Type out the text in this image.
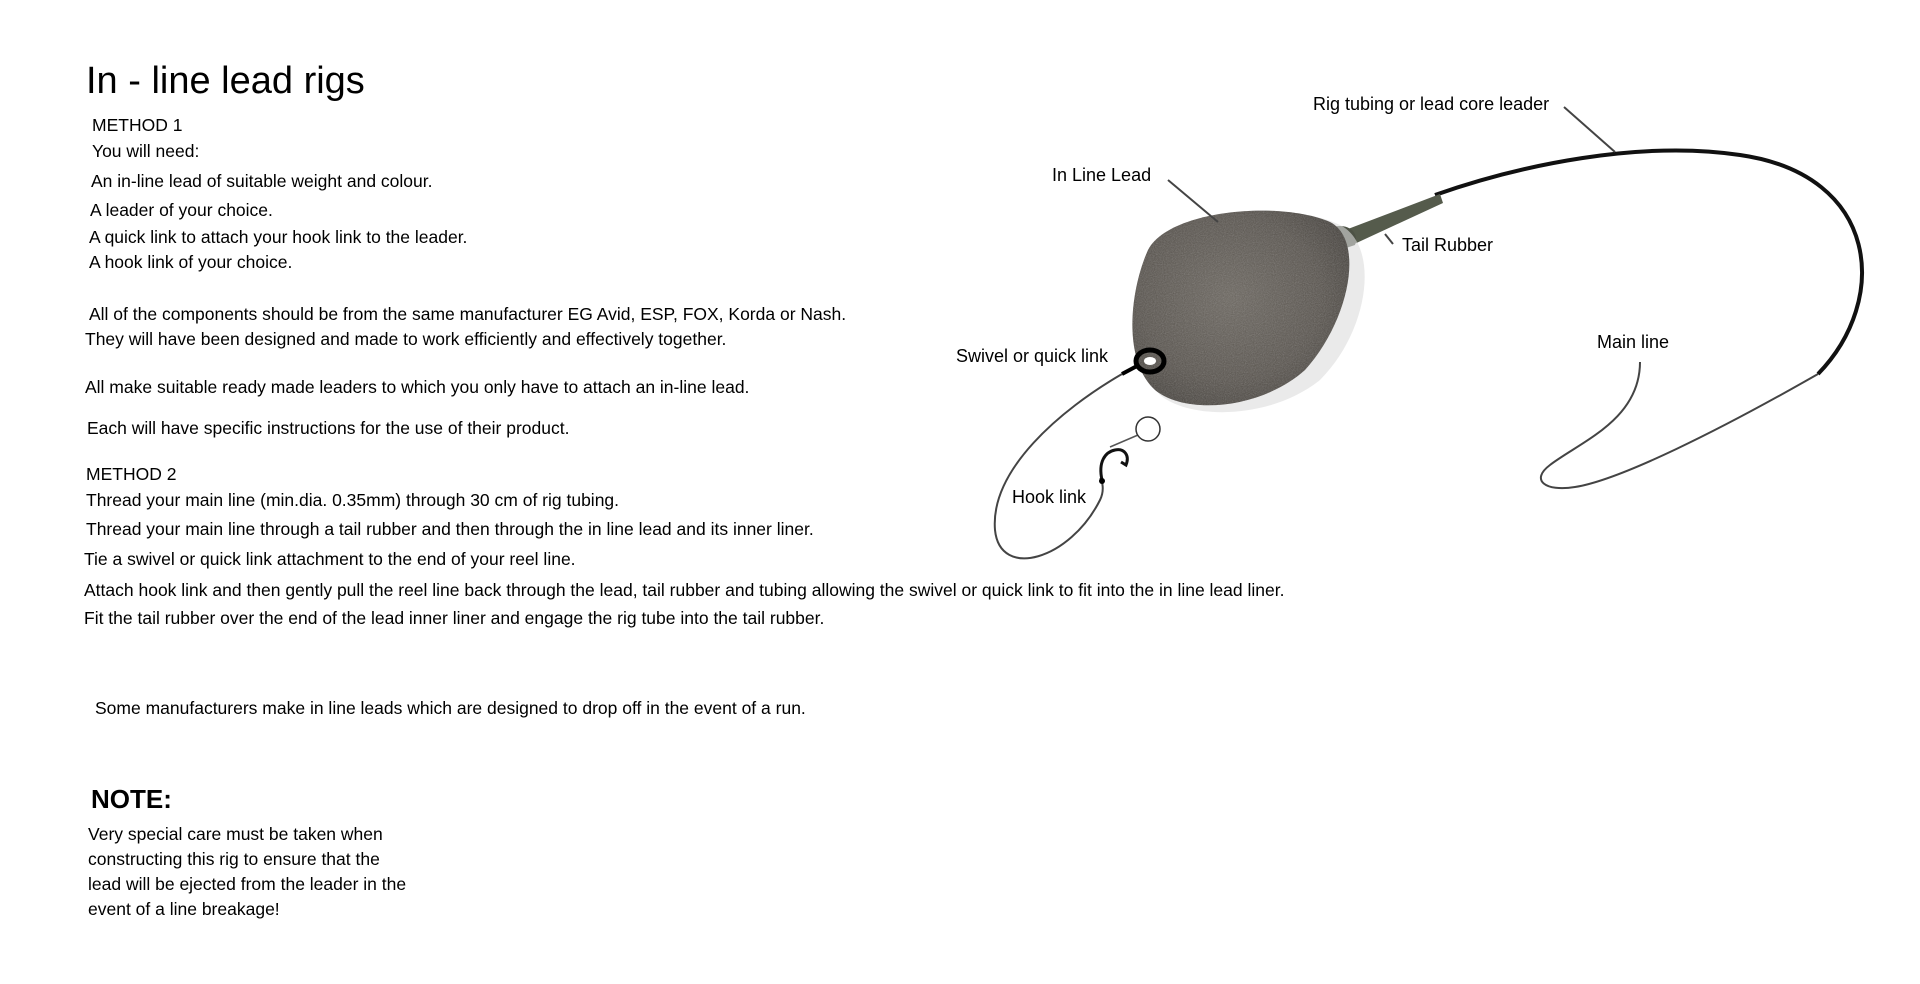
In - line lead rigs
METHOD 1
You will need:
An in-line lead of suitable weight and colour.
A leader of your choice.
A quick link to attach your hook link to the leader.
A hook link of your choice.
All of the components should be from the same manufacturer EG Avid, ESP, FOX, Korda or Nash.
They will have been designed and made to work efficiently and effectively together.
All make suitable ready made leaders to which you only have to attach an in-line lead.
Each will have specific instructions for the use of their product.
METHOD 2
Thread your main line (min.dia. 0.35mm) through 30 cm of rig tubing.
Thread your main line through a tail rubber and then through the in line lead and its inner liner.
Tie a swivel or quick link attachment to the end of your reel line.
Attach hook link and then gently pull the reel line back through the lead, tail rubber and tubing allowing the swivel or quick link to fit into the in line lead liner.
Fit the tail rubber over the end of the lead inner liner and engage the rig tube into the tail rubber.
Some manufacturers make in line leads which are designed to drop off in the event of a run.
NOTE:
Very special care must be taken when
constructing this rig to ensure that the
lead will be ejected from the leader in the
event of a line breakage!
Rig tubing or lead core leader
In Line Lead
Tail Rubber
Swivel or quick link
Main line
Hook link
